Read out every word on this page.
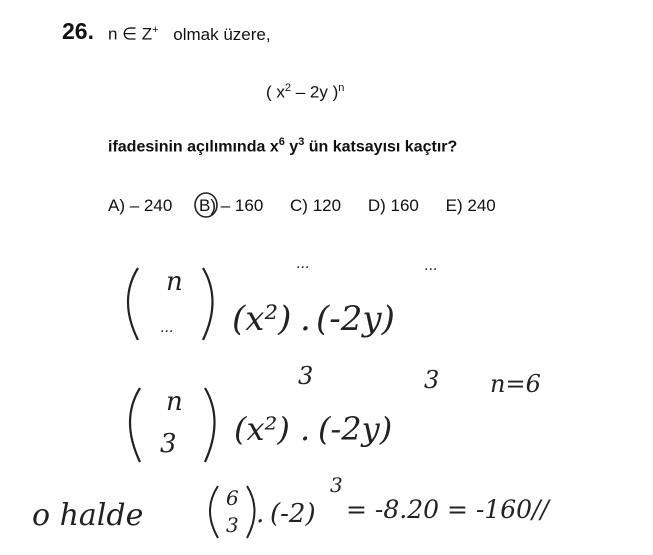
26. n ∈ Z+ olmak üzere,
( $x^2 - 2y$ )$^n$
ifadesinin açılımında $x^6$ $y^3$ ün katsayısı kaçtır?
A) – 240 B) – 160 C) 120 D) 160 E) 240
n
... (x²)
...
. (-2y)
...
n
3 (x²)
3
. (-2y)
3 n=6
o halde	6
3 . (-2)
3
= -8.20 = -160//
